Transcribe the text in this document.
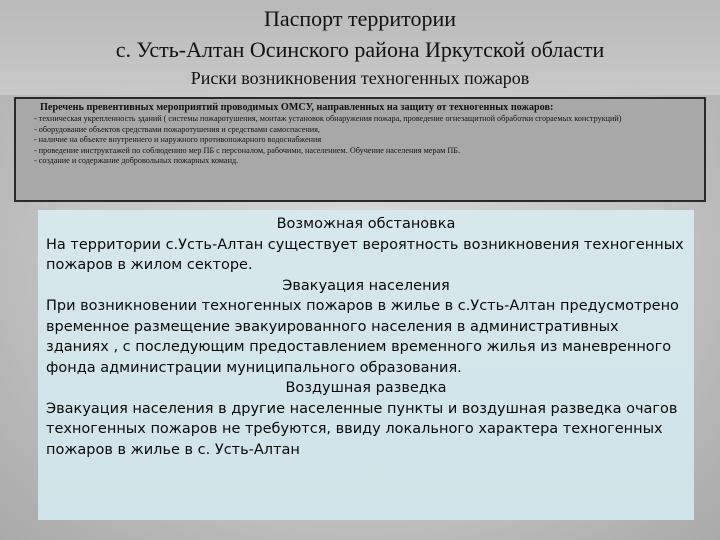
Паспорт территории
с. Усть-Алтан Осинского района Иркутской области
Риски возникновения техногенных пожаров

Перечень превентивных мероприятий проводимых ОМСУ, направленных на защиту от техногенных пожаров:

- техническая укрепленность зданий ( системы пожаротушения, монтаж установок обнаружения пожара, проведение огнезащитной обработки сгораемых конструкций)

- оборудование объектов средствами пожаротушения и средствами самоспасения,

- наличие на объекте внутреннего и наружного противопожарного водоснабжения

- проведение инструктажей по соблюдению мер ПБ с персоналом, рабочими, населением. Обучение населения мерам ПБ.

- создание и содержание добровольных пожарных команд.

Возможная обстановка

На территории с.Усть-Алтан существует вероятность возникновения техногенных пожаров в жилом секторе.

Эвакуация населения

При возникновении техногенных пожаров в жилье в с.Усть-Алтан предусмотрено временное размещение эвакуированного населения в административных зданиях , с последующим предоставлением временного жилья из маневренного фонда администрации муниципального образования.

Воздушная разведка

Эвакуация населения в другие населенные пункты и воздушная разведка очагов техногенных пожаров не требуются, ввиду локального характера техногенных пожаров в жилье в с. Усть-Алтан
